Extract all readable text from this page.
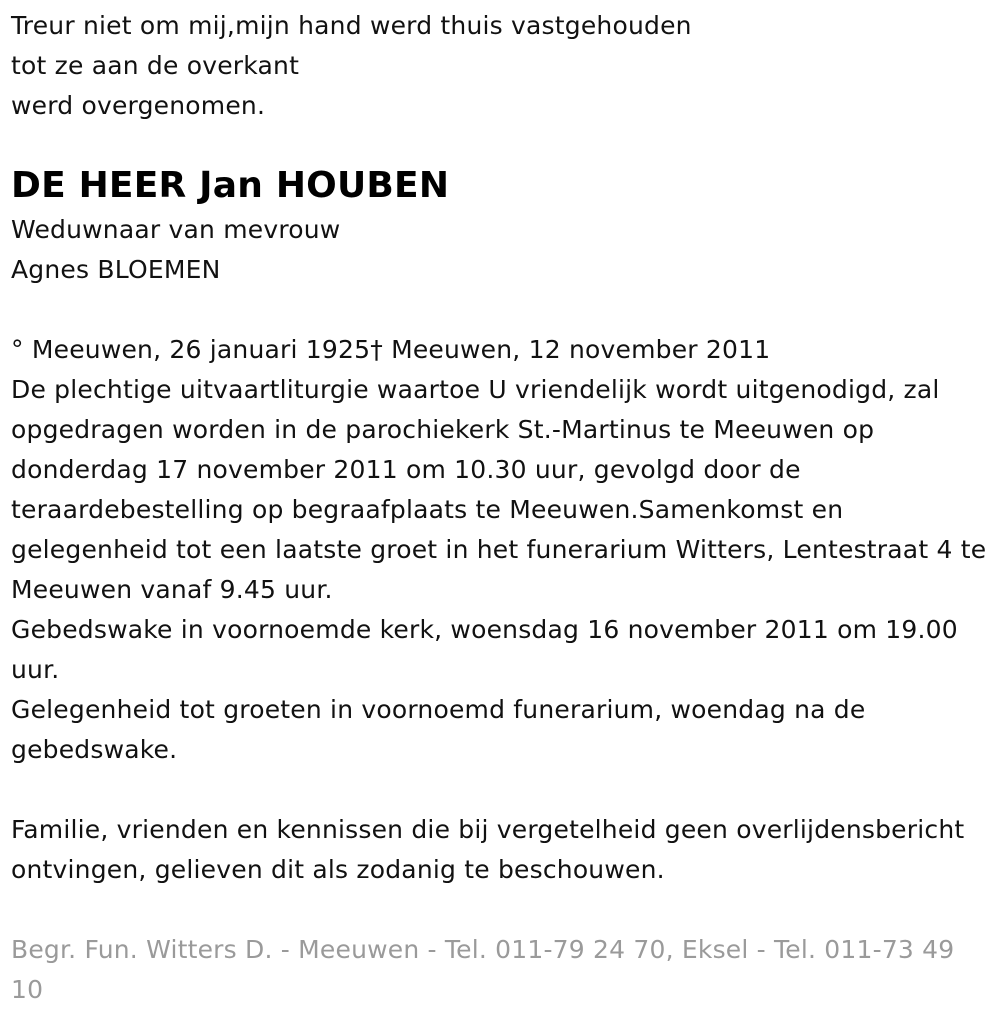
Treur niet om mij,mijn hand werd thuis vastgehouden
tot ze aan de overkant
werd overgenomen.
DE HEER Jan HOUBEN
Weduwnaar van mevrouw
Agnes BLOEMEN
° Meeuwen, 26 januari 1925† Meeuwen, 12 november 2011
De plechtige uitvaartliturgie waartoe U vriendelijk wordt uitgenodigd, zal opgedragen worden in de parochiekerk St.-Martinus te Meeuwen op donderdag 17 november 2011 om 10.30 uur, gevolgd door de teraardebestelling op begraafplaats te Meeuwen.Samenkomst en gelegenheid tot een laatste groet in het funerarium Witters, Lentestraat 4 te Meeuwen vanaf 9.45 uur.
Gebedswake in voornoemde kerk, woensdag 16 november 2011 om 19.00 uur.
Gelegenheid tot groeten in voornoemd funerarium, woendag na de gebedswake.
Familie, vrienden en kennissen die bij vergetelheid geen overlijdensbericht ontvingen, gelieven dit als zodanig te beschouwen.
Begr. Fun. Witters D. - Meeuwen - Tel. 011-79 24 70, Eksel - Tel. 011-73 49 10
